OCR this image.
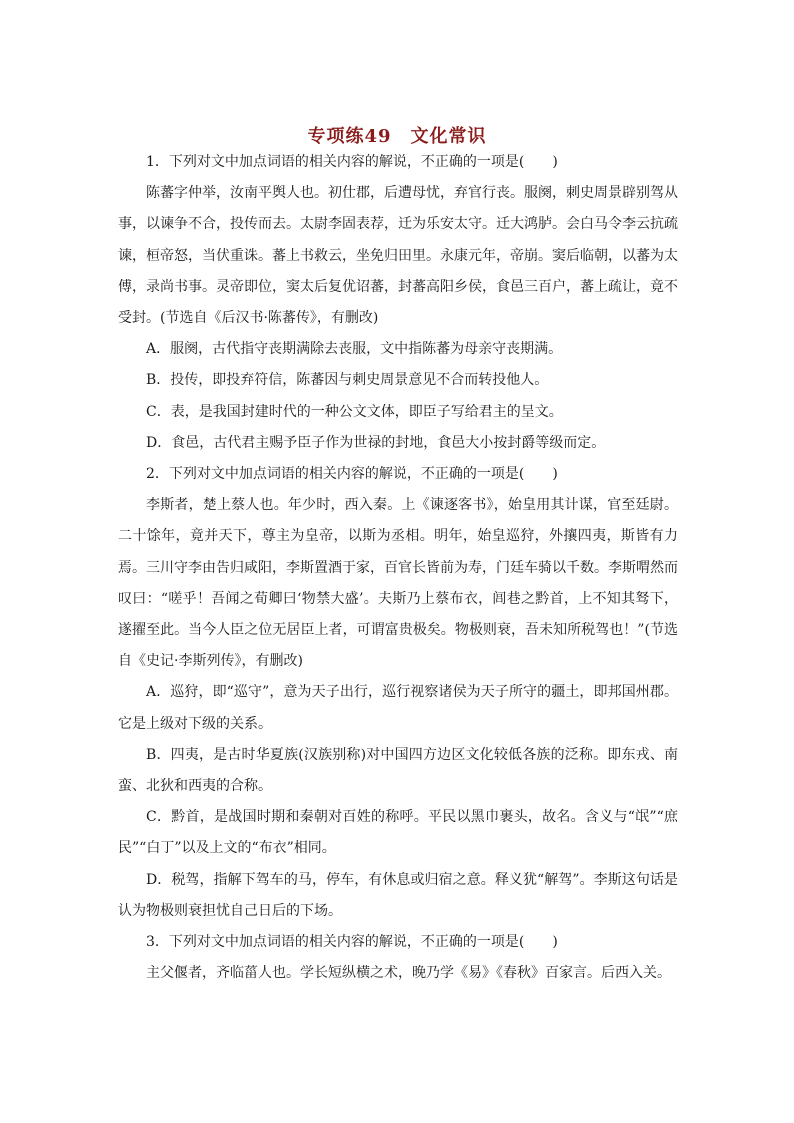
专项练49　文化常识

1．下列对文中加点词语的相关内容的解说，不正确的一项是(　　)

陈蕃字仲举，汝南平舆人也。初仕郡，后遭母忧，弃官行丧。服阕，刺史周景辟别驾从事，以谏争不合，投传而去。太尉李固表荐，迁为乐安太守。迁大鸿胪。会白马令李云抗疏谏，桓帝怒，当伏重诛。蕃上书救云，坐免归田里。永康元年，帝崩。窦后临朝，以蕃为太傅，录尚书事。灵帝即位，窦太后复优诏蕃，封蕃高阳乡侯，食邑三百户，蕃上疏让，竟不受封。(节选自《后汉书·陈蕃传》，有删改)

A．服阕，古代指守丧期满除去丧服，文中指陈蕃为母亲守丧期满。

B．投传，即投弃符信，陈蕃因与刺史周景意见不合而转投他人。

C．表，是我国封建时代的一种公文文体，即臣子写给君主的呈文。

D．食邑，古代君主赐予臣子作为世禄的封地，食邑大小按封爵等级而定。

2．下列对文中加点词语的相关内容的解说，不正确的一项是(　　)

李斯者，楚上蔡人也。年少时，西入秦。上《谏逐客书》，始皇用其计谋，官至廷尉。二十馀年，竟并天下，尊主为皇帝，以斯为丞相。明年，始皇巡狩，外攘四夷，斯皆有力焉。三川守李由告归咸阳，李斯置酒于家，百官长皆前为寿，门廷车骑以千数。李斯喟然而叹曰：“嗟乎！吾闻之荀卿曰‘物禁大盛’。夫斯乃上蔡布衣，闾巷之黔首，上不知其驽下，遂擢至此。当今人臣之位无居臣上者，可谓富贵极矣。物极则衰，吾未知所税驾也！”(节选自《史记·李斯列传》，有删改)

A．巡狩，即“巡守”，意为天子出行，巡行视察诸侯为天子所守的疆土，即邦国州郡。它是上级对下级的关系。

B．四夷，是古时华夏族(汉族别称)对中国四方边区文化较低各族的泛称。即东戎、南蛮、北狄和西夷的合称。

C．黔首，是战国时期和秦朝对百姓的称呼。平民以黑巾裹头，故名。含义与“氓”“庶民”“白丁”以及上文的“布衣”相同。

D．税驾，指解下驾车的马，停车，有休息或归宿之意。释义犹“解驾”。李斯这句话是认为物极则衰担忧自己日后的下场。

3．下列对文中加点词语的相关内容的解说，不正确的一项是(　　)

主父偃者，齐临菑人也。学长短纵横之术，晚乃学《易》《春秋》百家言。后西入关。
